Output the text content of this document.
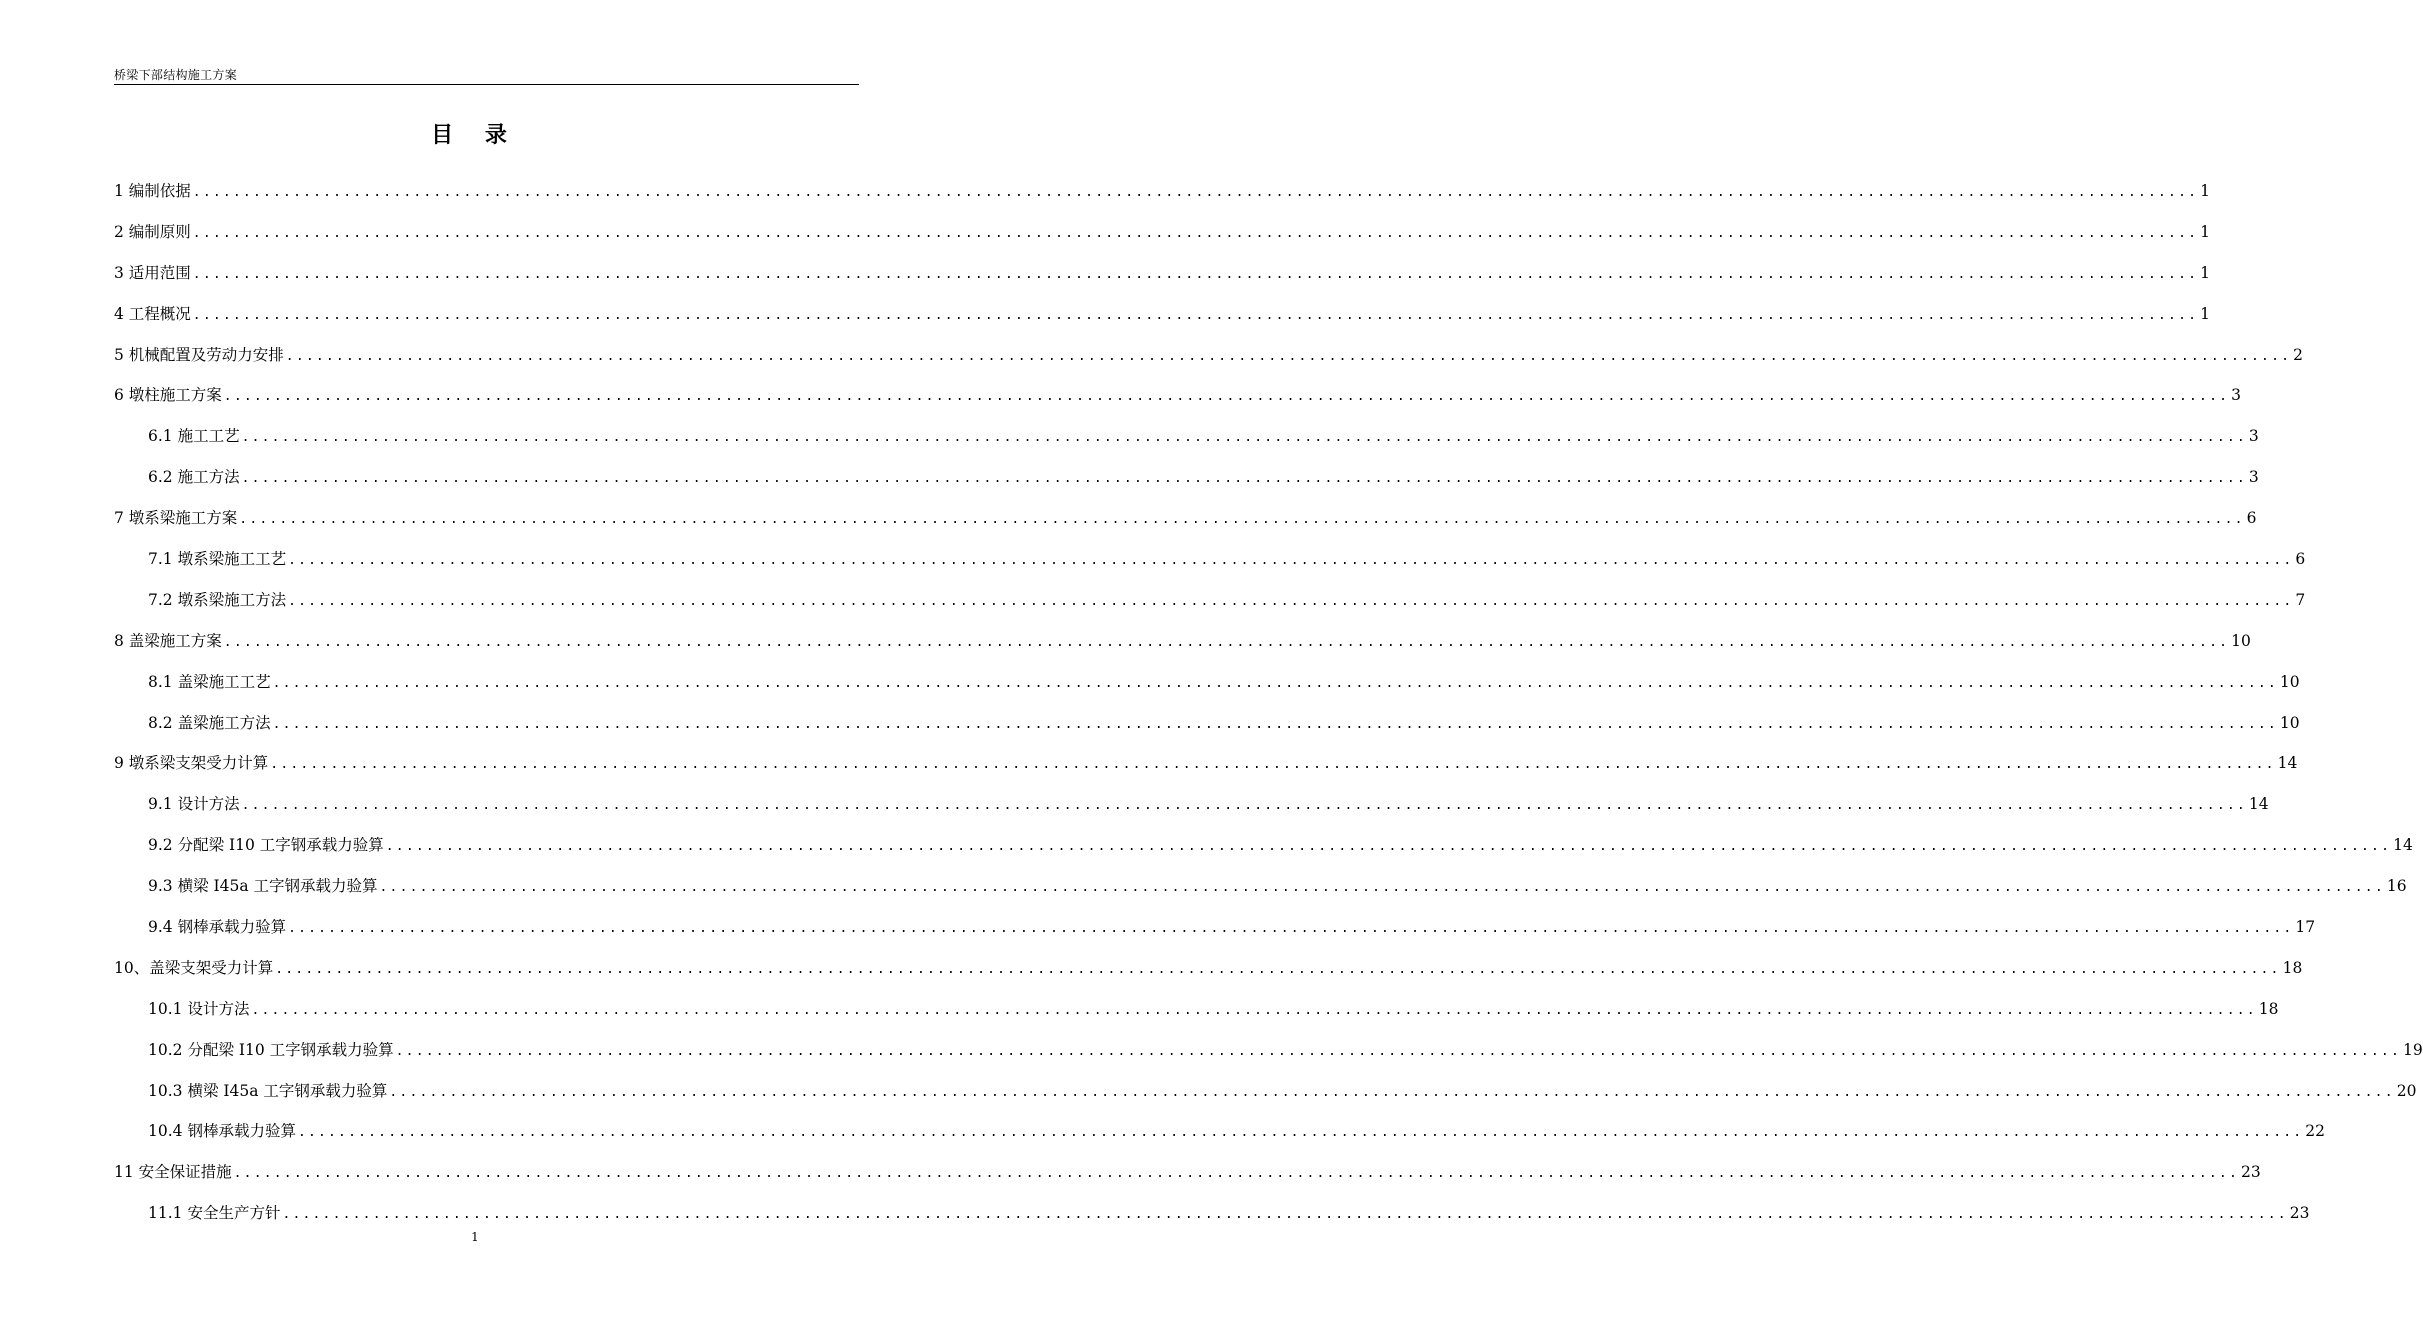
桥梁下部结构施工方案
目 录
1 编制依据 ........................................................................................................................................................................................................ 1
2 编制原则 ........................................................................................................................................................................................................ 1
3 适用范围 ........................................................................................................................................................................................................ 1
4 工程概况 ........................................................................................................................................................................................................ 1
5 机械配置及劳动力安排 ........................................................................................................................................................................................................ 2
6 墩柱施工方案 ........................................................................................................................................................................................................ 3
6.1 施工工艺 ........................................................................................................................................................................................................ 3
6.2 施工方法 ........................................................................................................................................................................................................ 3
7 墩系梁施工方案 ........................................................................................................................................................................................................ 6
7.1 墩系梁施工工艺 ........................................................................................................................................................................................................ 6
7.2 墩系梁施工方法 ........................................................................................................................................................................................................ 7
8 盖梁施工方案 ........................................................................................................................................................................................................ 10
8.1 盖梁施工工艺 ........................................................................................................................................................................................................ 10
8.2 盖梁施工方法 ........................................................................................................................................................................................................ 10
9 墩系梁支架受力计算 ........................................................................................................................................................................................................ 14
9.1 设计方法 ........................................................................................................................................................................................................ 14
9.2 分配梁 I10 工字钢承载力验算 ........................................................................................................................................................................................................ 14
9.3 横梁 I45a 工字钢承载力验算 ........................................................................................................................................................................................................ 16
9.4 钢棒承载力验算 ........................................................................................................................................................................................................ 17
10、盖梁支架受力计算 ........................................................................................................................................................................................................ 18
10.1 设计方法 ........................................................................................................................................................................................................ 18
10.2 分配梁 I10 工字钢承载力验算 ........................................................................................................................................................................................................ 19
10.3 横梁 I45a 工字钢承载力验算 ........................................................................................................................................................................................................ 20
10.4 钢棒承载力验算 ........................................................................................................................................................................................................ 22
11 安全保证措施 ........................................................................................................................................................................................................ 23
11.1 安全生产方针 ........................................................................................................................................................................................................ 23
1
